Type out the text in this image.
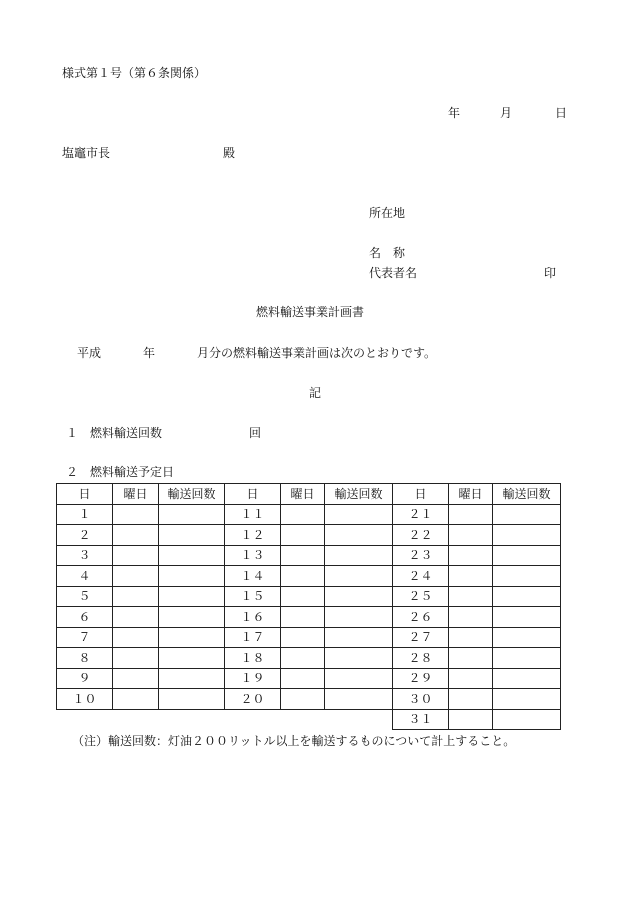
様式第１号（第６条関係）
年	月	日
塩竈市長	殿
所在地
名　称
代表者名	印
燃料輸送事業計画書
平成	年	月分の燃料輸送事業計画は次のとおりです。
記
１　燃料輸送回数	回
２　燃料輸送予定日
日	曜日	輸送回数	日	曜日	輸送回数	日	曜日	輸送回数
１			１１			２１		
２			１２			２２		
３			１３			２３		
４			１４			２４		
５			１５			２５		
６			１６			２６		
７			１７			２７		
８			１８			２８		
９			１９			２９		
１０			２０			３０		
						３１		
（注）輸送回数：灯油２００リットル以上を輸送するものについて計上すること。
